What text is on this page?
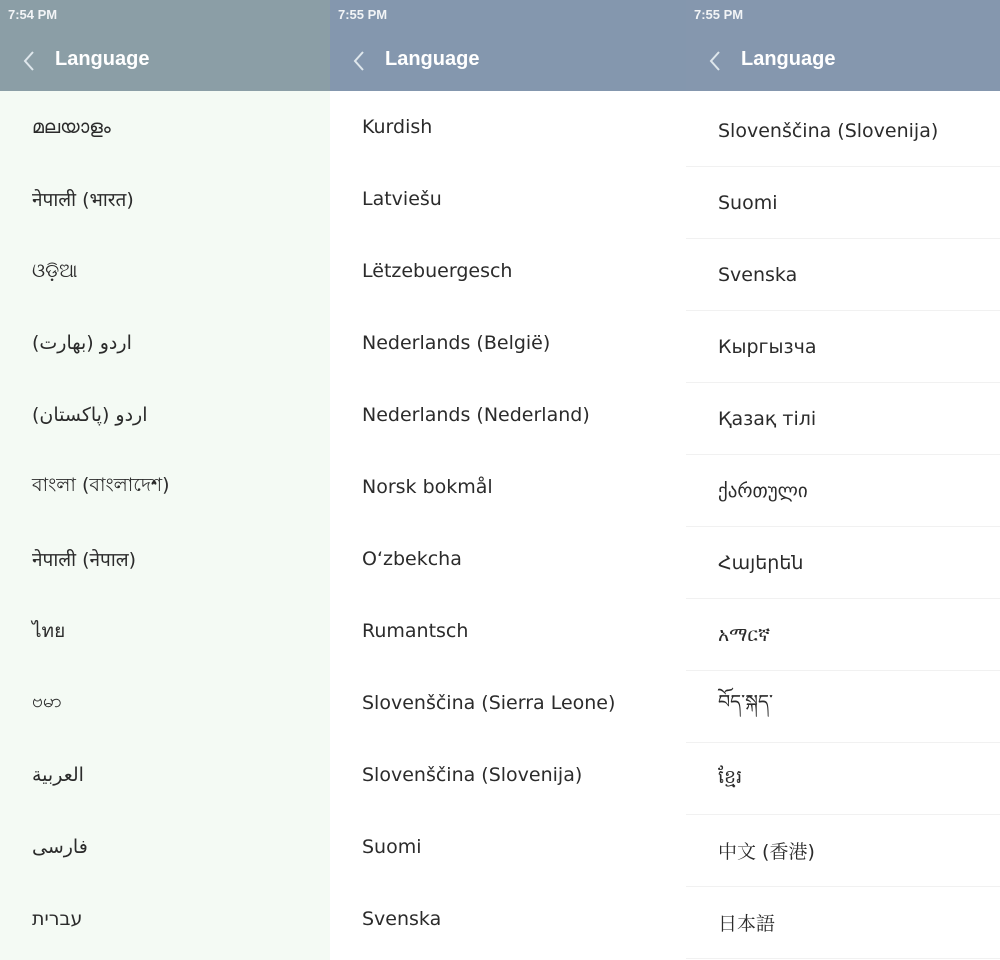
7:54 PM
Language
മലയാളം
नेपाली (भारत)
ଓଡ଼ିଆ
اردو (بھارت)
اردو (پاکستان)
বাংলা (বাংলাদেশ)
नेपाली (नेपाल)
ไทย
ဗမာ
العربية
فارسی
עברית
7:55 PM
Language
Kurdish
Latviešu
Lëtzebuergesch
Nederlands (België)
Nederlands (Nederland)
Norsk bokmål
O‘zbekcha
Rumantsch
Slovenščina (Sierra Leone)
Slovenščina (Slovenija)
Suomi
Svenska
7:55 PM
Language
Slovenščina (Slovenija)
Suomi
Svenska
Кыргызча
Қазақ тілі
ქართული
Հայերեն
አማርኛ
བོད་སྐད་
ខ្មែរ
中文 (香港)
日本語
